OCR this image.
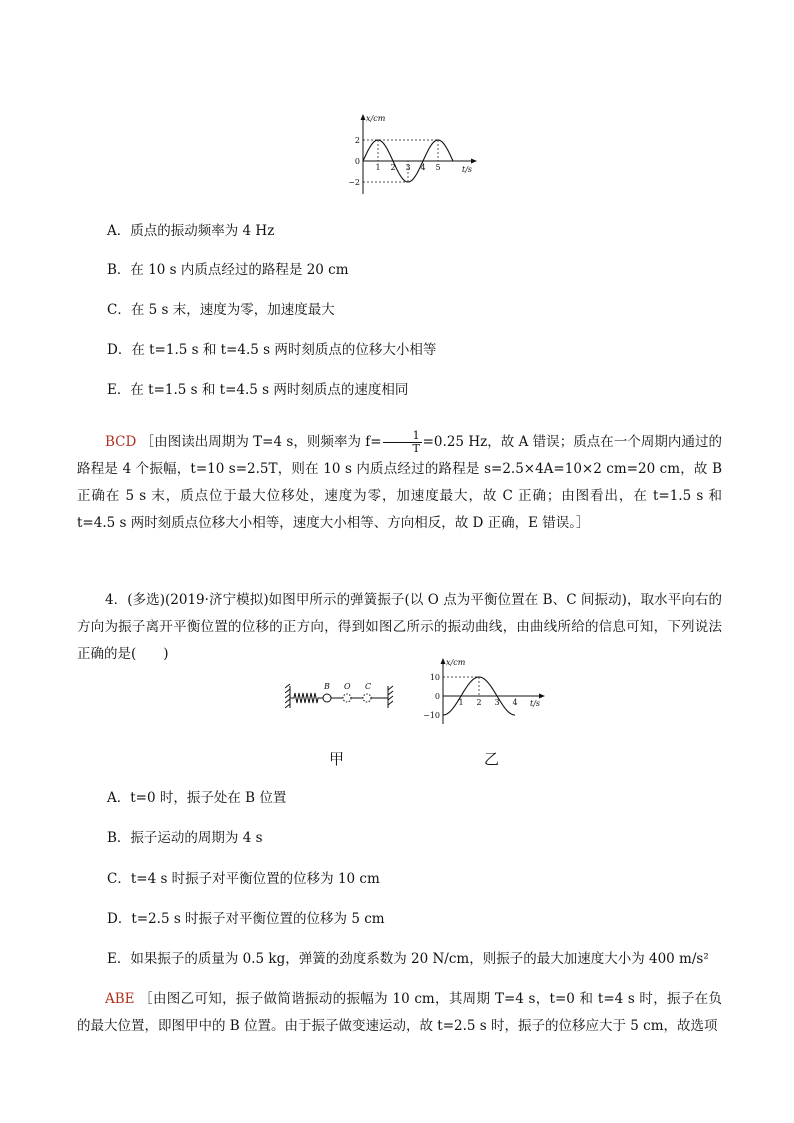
x/cm
t/s
2
0
−2
1 2 3 4 5
A．质点的振动频率为 4 Hz
B．在 10 s 内质点经过的路程是 20 cm
C．在 5 s 末，速度为零，加速度最大
D．在 t=1.5 s 和 t=4.5 s 两时刻质点的位移大小相等
E．在 t=1.5 s 和 t=4.5 s 两时刻质点的速度相同
BCD ［由图读出周期为 T=4 s，则频率为 $f= \frac{1}{T} =0.25$ Hz，故 A 错误；质点在一个周期内通过的路程是 4 个振幅，t=10 s=2.5T，则在 10 s 内质点经过的路程是 s=2.5×4A=10×2 cm=20 cm，故 B 正确在 5 s 末，质点位于最大位移处，速度为零，加速度最大，故 C 正确；由图看出，在 t=1.5 s 和 t=4.5 s 两时刻质点位移大小相等，速度大小相等、方向相反，故 D 正确，E 错误。］
4．(多选)(2019·济宁模拟)如图甲所示的弹簧振子(以 O 点为平衡位置在 B、C 间振动)，取水平向右的方向为振子离开平衡位置的位移的正方向，得到如图乙所示的振动曲线，由曲线所给的信息可知，下列说法正确的是(　　)
B O C
x/cm
t/s
10
0
−10
1 2 3 4
甲	乙
A．t=0 时，振子处在 B 位置
B．振子运动的周期为 4 s
C．t=4 s 时振子对平衡位置的位移为 10 cm
D．t=2.5 s 时振子对平衡位置的位移为 5 cm
E．如果振子的质量为 0.5 kg，弹簧的劲度系数为 20 N/cm，则振子的最大加速度大小为 400 m/s²
ABE ［由图乙可知，振子做简谐振动的振幅为 10 cm，其周期 T=4 s，t=0 和 t=4 s 时，振子在负的最大位置，即图甲中的 B 位置。由于振子做变速运动，故 t=2.5 s 时，振子的位移应大于 5 cm，故选项
